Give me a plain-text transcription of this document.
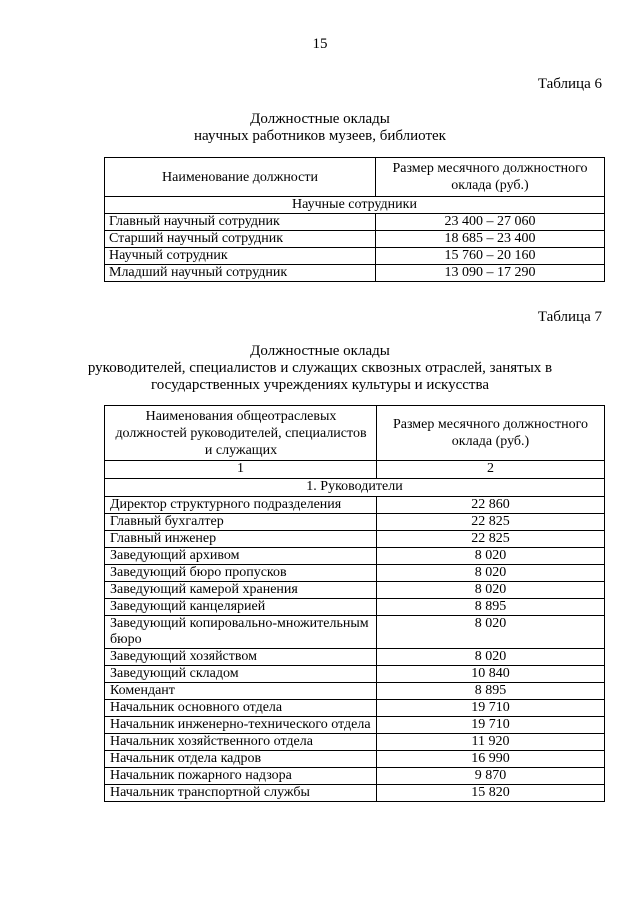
15
Таблица 6
Должностные оклады
научных работников музеев, библиотек
Наименование должности	Размер месячного должностного оклада (руб.)
Научные сотрудники	
Главный научный сотрудник	23 400 – 27 060
Старший научный сотрудник	18 685 – 23 400
Научный сотрудник	15 760 – 20 160
Младший научный сотрудник	13 090 – 17 290
Таблица 7
Должностные оклады
руководителей, специалистов и служащих сквозных отраслей, занятых в
государственных учреждениях культуры и искусства
Наименования общеотраслевых должностей руководителей, специалистов и служащих	Размер месячного должностного оклада (руб.)
1	2
1. Руководители	
Директор структурного подразделения	22 860
Главный бухгалтер	22 825
Главный инженер	22 825
Заведующий архивом	8 020
Заведующий бюро пропусков	8 020
Заведующий камерой хранения	8 020
Заведующий канцелярией	8 895
Заведующий копировально-множительным бюро	8 020
Заведующий хозяйством	8 020
Заведующий складом	10 840
Комендант	8 895
Начальник основного отдела	19 710
Начальник инженерно-технического отдела	19 710
Начальник хозяйственного отдела	11 920
Начальник отдела кадров	16 990
Начальник пожарного надзора	9 870
Начальник транспортной службы	15 820
